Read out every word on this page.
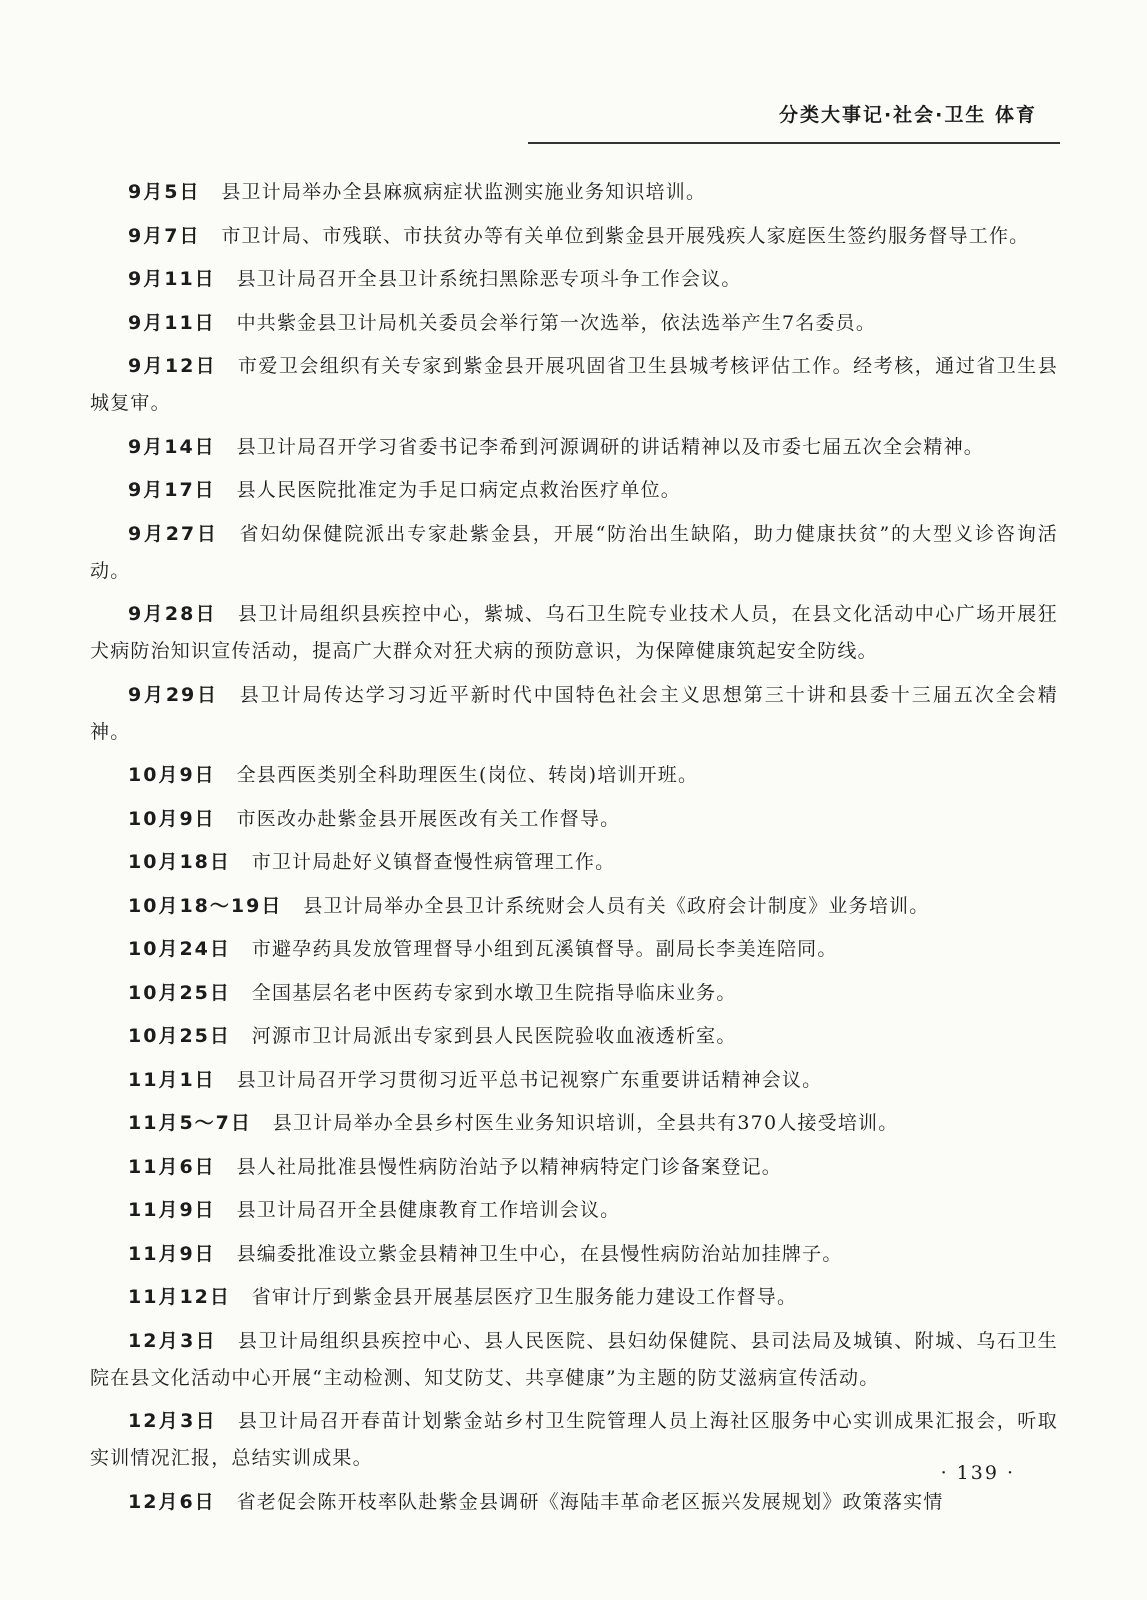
分类大事记·社会·卫生 体育

9月5日 县卫计局举办全县麻疯病症状监测实施业务知识培训。

9月7日 市卫计局、市残联、市扶贫办等有关单位到紫金县开展残疾人家庭医生签约服务督导工作。

9月11日 县卫计局召开全县卫计系统扫黑除恶专项斗争工作会议。

9月11日 中共紫金县卫计局机关委员会举行第一次选举，依法选举产生7名委员。

9月12日 市爱卫会组织有关专家到紫金县开展巩固省卫生县城考核评估工作。经考核，通过省卫生县城复审。

9月14日 县卫计局召开学习省委书记李希到河源调研的讲话精神以及市委七届五次全会精神。

9月17日 县人民医院批准定为手足口病定点救治医疗单位。

9月27日 省妇幼保健院派出专家赴紫金县，开展“防治出生缺陷，助力健康扶贫”的大型义诊咨询活动。

9月28日 县卫计局组织县疾控中心，紫城、乌石卫生院专业技术人员，在县文化活动中心广场开展狂犬病防治知识宣传活动，提高广大群众对狂犬病的预防意识，为保障健康筑起安全防线。

9月29日 县卫计局传达学习习近平新时代中国特色社会主义思想第三十讲和县委十三届五次全会精神。

10月9日 全县西医类别全科助理医生(岗位、转岗)培训开班。

10月9日 市医改办赴紫金县开展医改有关工作督导。

10月18日 市卫计局赴好义镇督查慢性病管理工作。

10月18～19日 县卫计局举办全县卫计系统财会人员有关《政府会计制度》业务培训。

10月24日 市避孕药具发放管理督导小组到瓦溪镇督导。副局长李美连陪同。

10月25日 全国基层名老中医药专家到水墩卫生院指导临床业务。

10月25日 河源市卫计局派出专家到县人民医院验收血液透析室。

11月1日 县卫计局召开学习贯彻习近平总书记视察广东重要讲话精神会议。

11月5～7日 县卫计局举办全县乡村医生业务知识培训，全县共有370人接受培训。

11月6日 县人社局批准县慢性病防治站予以精神病特定门诊备案登记。

11月9日 县卫计局召开全县健康教育工作培训会议。

11月9日 县编委批准设立紫金县精神卫生中心，在县慢性病防治站加挂牌子。

11月12日 省审计厅到紫金县开展基层医疗卫生服务能力建设工作督导。

12月3日 县卫计局组织县疾控中心、县人民医院、县妇幼保健院、县司法局及城镇、附城、乌石卫生院在县文化活动中心开展“主动检测、知艾防艾、共享健康”为主题的防艾滋病宣传活动。

12月3日 县卫计局召开春苗计划紫金站乡村卫生院管理人员上海社区服务中心实训成果汇报会，听取实训情况汇报，总结实训成果。

12月6日 省老促会陈开枝率队赴紫金县调研《海陆丰革命老区振兴发展规划》政策落实情

· 139 ·
